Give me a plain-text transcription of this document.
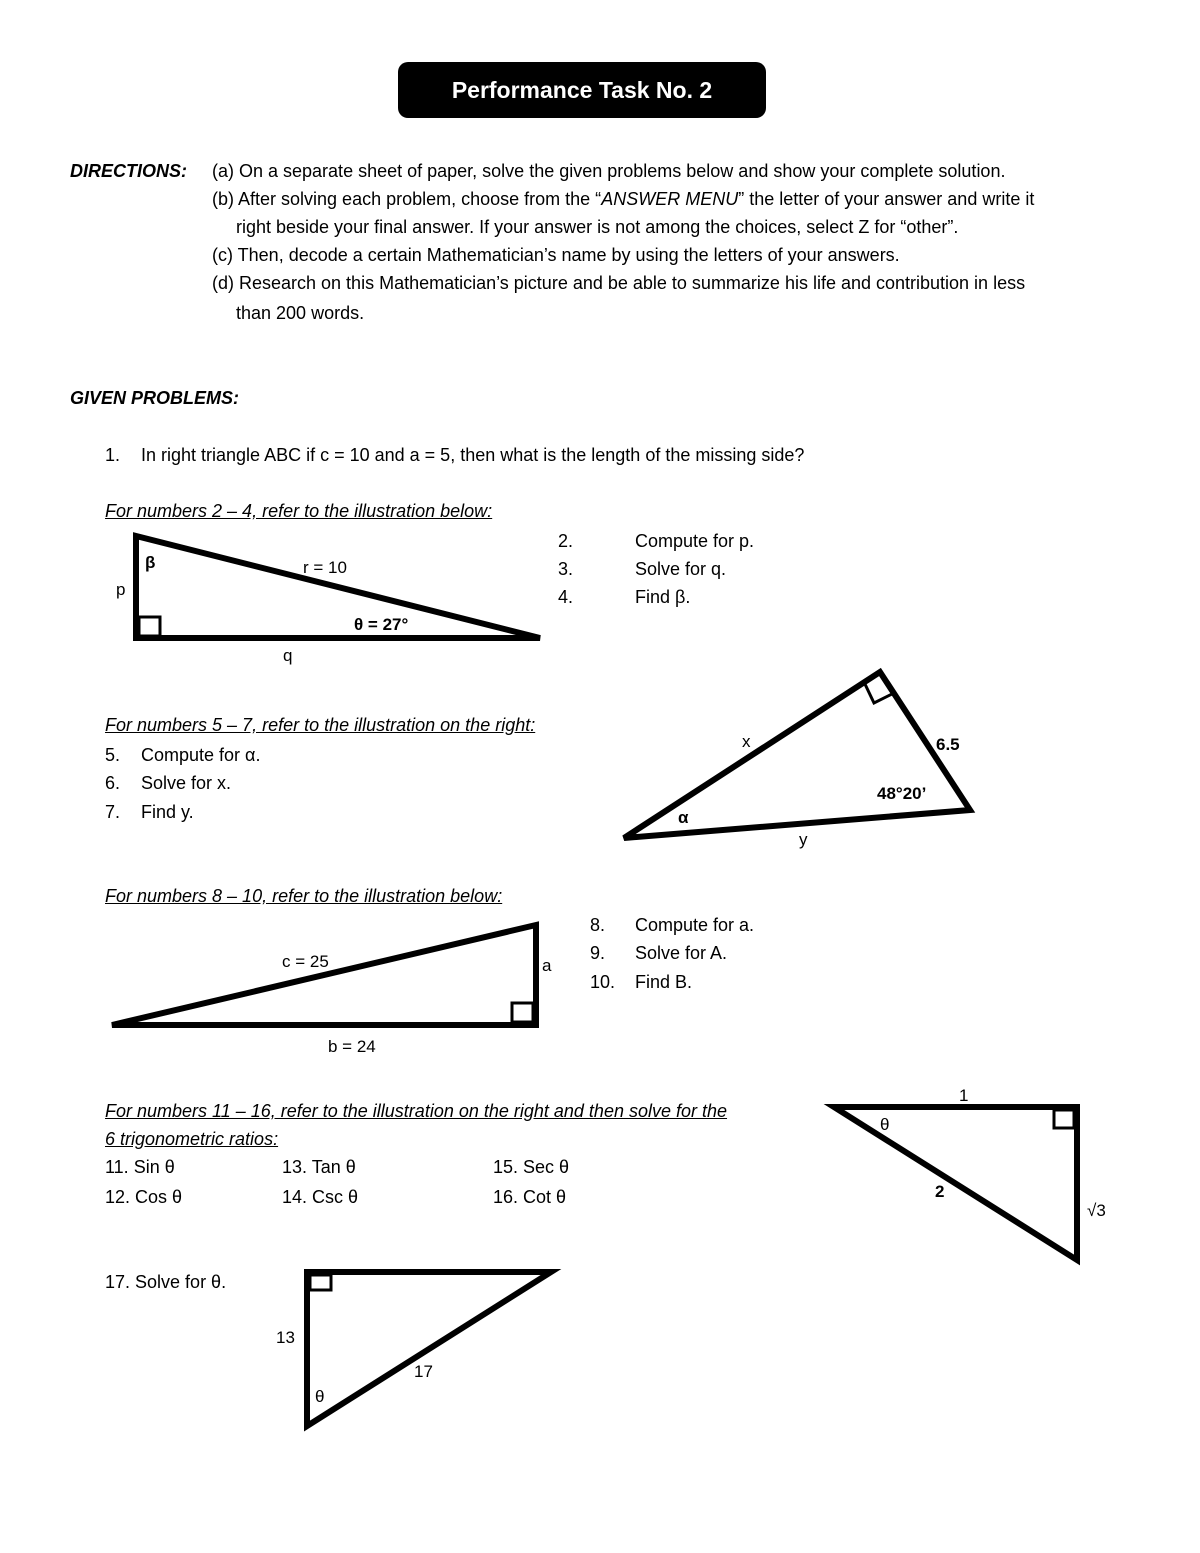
Performance Task No. 2
DIRECTIONS: (a) On a separate sheet of paper, solve the given problems below and show your complete solution.
(b) After solving each problem, choose from the “ANSWER MENU” the letter of your answer and write it
right beside your final answer. If your answer is not among the choices, select Z for “other”.
(c) Then, decode a certain Mathematician’s name by using the letters of your answers.
(d) Research on this Mathematician’s picture and be able to summarize his life and contribution in less
than 200 words.
GIVEN PROBLEMS:
1. In right triangle ABC if c = 10 and a = 5, then what is the length of the missing side?
For numbers 2 – 4, refer to the illustration below:
β	r = 10
p
θ = 27°
q
x	6.5
48°20’
α
y
c = 25	a
b = 24
1
θ
2
√3
13
17
θ
2.	Compute for p.
3.	Solve for q.
4.	Find β.
For numbers 5 – 7, refer to the illustration on the right:
5. Compute for α.
6. Solve for x.
7. Find y.
For numbers 8 – 10, refer to the illustration below:
8. Compute for a.
9. Solve for A.
10. Find B.
For numbers 11 – 16, refer to the illustration on the right and then solve for the
6 trigonometric ratios:
11. Sin θ	13. Tan θ	15. Sec θ
12. Cos θ	14. Csc θ	16. Cot θ
17. Solve for θ.
